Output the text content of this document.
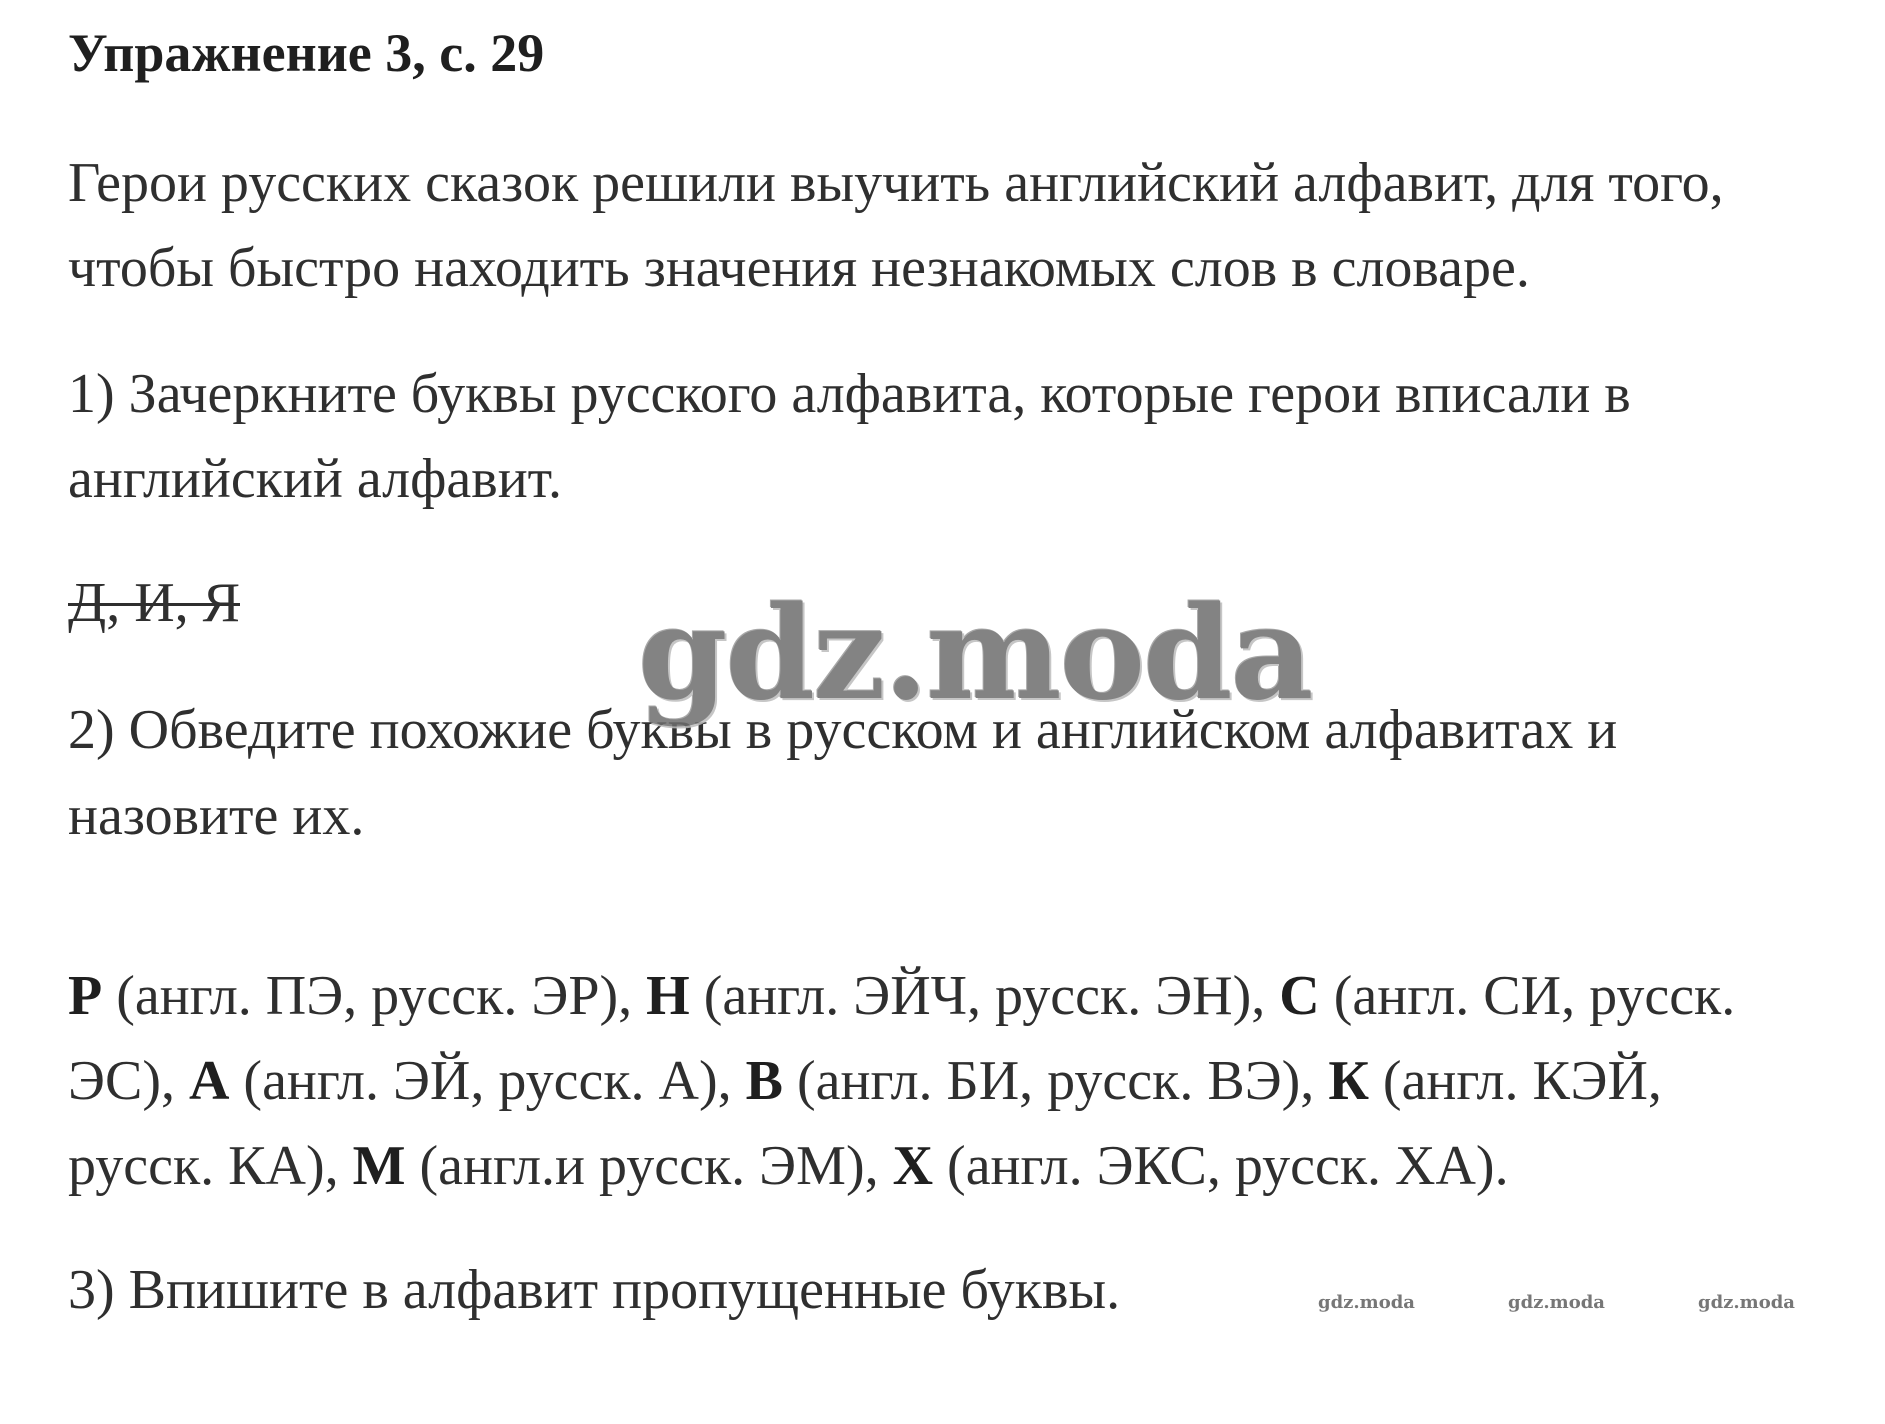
Упражнение 3, с. 29
Герои русских сказок решили выучить английский алфавит, для того,
чтобы быстро находить значения незнакомых слов в словаре.
1) Зачеркните буквы русского алфавита, которые герои вписали в
английский алфавит.
Д, И, Я
2) Обведите похожие буквы в русском и английском алфавитах и
назовите их.
Р (англ. ПЭ, русск. ЭР), Н (англ. ЭЙЧ, русск. ЭН), С (англ. СИ, русск.
ЭС), А (англ. ЭЙ, русск. А), В (англ. БИ, русск. ВЭ), К (англ. КЭЙ,
русск. КА), М (англ.и русск. ЭМ), Х (англ. ЭКС, русск. ХА).
3) Впишите в алфавит пропущенные буквы.
gdz.moda
gdz.moda	gdz.moda	gdz.moda
